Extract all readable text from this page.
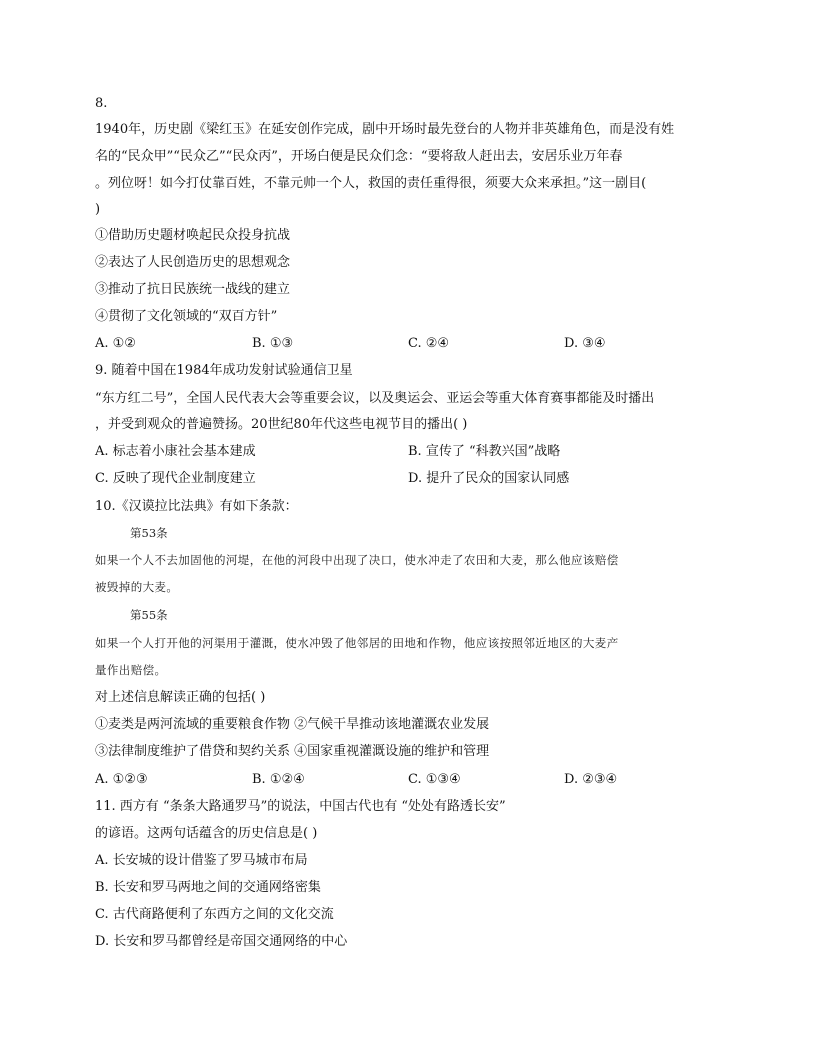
8.
1940年，历史剧《梁红玉》在延安创作完成，剧中开场时最先登台的人物并非英雄角色，而是没有姓
名的“民众甲”“民众乙”“民众丙”，开场白便是民众们念：“要将敌人赶出去，安居乐业万年春
。列位呀！如今打仗靠百姓，不靠元帅一个人，救国的责任重得很，须要大众来承担。”这一剧目(
)
①借助历史题材唤起民众投身抗战
②表达了人民创造历史的思想观念
③推动了抗日民族统一战线的建立
④贯彻了文化领域的“双百方针”
A. ①②	B. ①③	C. ②④	D. ③④
9. 随着中国在1984年成功发射试验通信卫星
“东方红二号”，全国人民代表大会等重要会议，以及奥运会、亚运会等重大体育赛事都能及时播出
，并受到观众的普遍赞扬。20世纪80年代这些电视节目的播出( )
A. 标志着小康社会基本建成	B. 宣传了 “科教兴国”战略
C. 反映了现代企业制度建立	D. 提升了民众的国家认同感
10.《汉谟拉比法典》有如下条款：
第53条
如果一个人不去加固他的河堤，在他的河段中出现了决口，使水冲走了农田和大麦，那么他应该赔偿
被毁掉的大麦。
第55条
如果一个人打开他的河渠用于灌溉，使水冲毁了他邻居的田地和作物，他应该按照邻近地区的大麦产
量作出赔偿。
对上述信息解读正确的包括( )
①麦类是两河流域的重要粮食作物 ②气候干旱推动该地灌溉农业发展
③法律制度维护了借贷和契约关系 ④国家重视灌溉设施的维护和管理
A. ①②③	B. ①②④	C. ①③④	D. ②③④
11. 西方有 “条条大路通罗马”的说法，中国古代也有 “处处有路透长安”
的谚语。这两句话蕴含的历史信息是( )
A. 长安城的设计借鉴了罗马城市布局
B. 长安和罗马两地之间的交通网络密集
C. 古代商路便利了东西方之间的文化交流
D. 长安和罗马都曾经是帝国交通网络的中心
